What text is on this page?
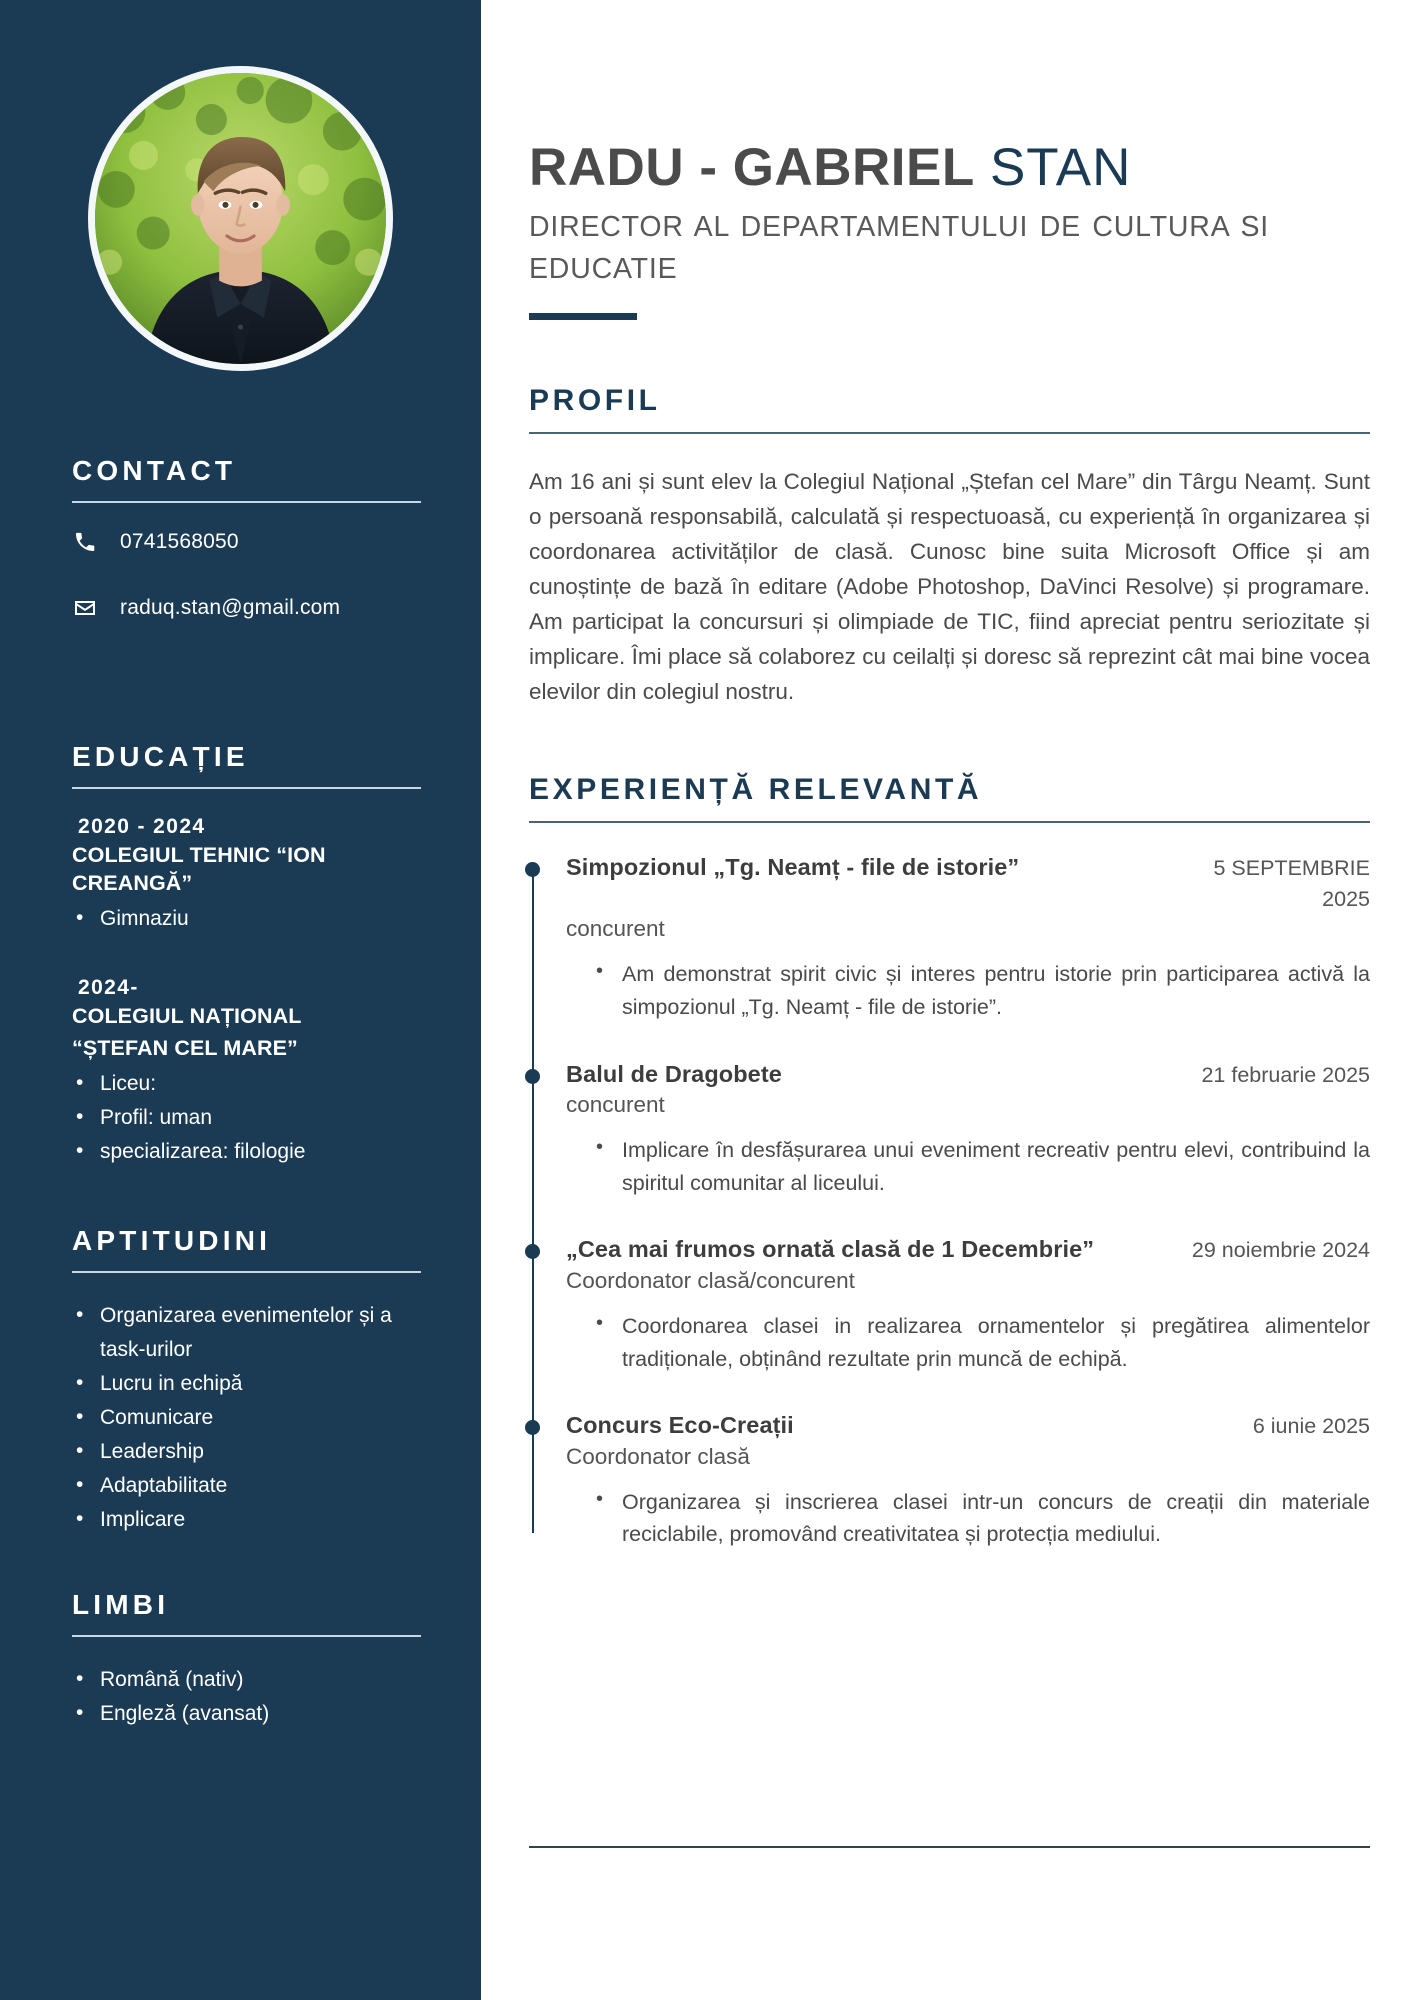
CONTACT
0741568050
raduq.stan@gmail.com
EDUCAȚIE
2020 - 2024
COLEGIUL TEHNIC “ION CREANGĂ”
• Gimnaziu
2024-
COLEGIUL NAȚIONAL
“ȘTEFAN CEL MARE”
• Liceu:
• Profil: uman
• specializarea: filologie
APTITUDINI
• Organizarea evenimentelor și a task-urilor
• Lucru in echipă
• Comunicare
• Leadership
• Adaptabilitate
• Implicare
LIMBI
• Română (nativ)
• Engleză (avansat)
RADU - GABRIEL STAN
DIRECTOR AL DEPARTAMENTULUI DE CULTURA SI EDUCATIE
PROFIL

Am 16 ani și sunt elev la Colegiul Național „Ștefan cel Mare” din Târgu Neamț. Sunt o persoană responsabilă, calculată și respectuoasă, cu experiență în organizarea și coordonarea activităților de clasă. Cunosc bine suita Microsoft Office și am cunoștințe de bază în editare (Adobe Photoshop, DaVinci Resolve) și programare. Am participat la concursuri și olimpiade de TIC, fiind apreciat pentru seriozitate și implicare. Îmi place să colaborez cu ceilalți și doresc să reprezint cât mai bine vocea elevilor din colegiul nostru.

EXPERIENȚĂ RELEVANTĂ
Simpozionul „Tg. Neamț - file de istorie”	5 SEPTEMBRIE 2025
concurent
• Am demonstrat spirit civic și interes pentru istorie prin participarea activă la simpozionul „Tg. Neamț - file de istorie”.
Balul de Dragobete	21 februarie 2025
concurent
• Implicare în desfășurarea unui eveniment recreativ pentru elevi, contribuind la spiritul comunitar al liceului.
„Cea mai frumos ornată clasă de 1 Decembrie”	29 noiembrie 2024
Coordonator clasă/concurent
• Coordonarea clasei in realizarea ornamentelor și pregătirea alimentelor tradiționale, obținând rezultate prin muncă de echipă.
Concurs Eco-Creații	6 iunie 2025
Coordonator clasă
• Organizarea și inscrierea clasei intr-un concurs de creații din materiale reciclabile, promovând creativitatea și protecția mediului.
